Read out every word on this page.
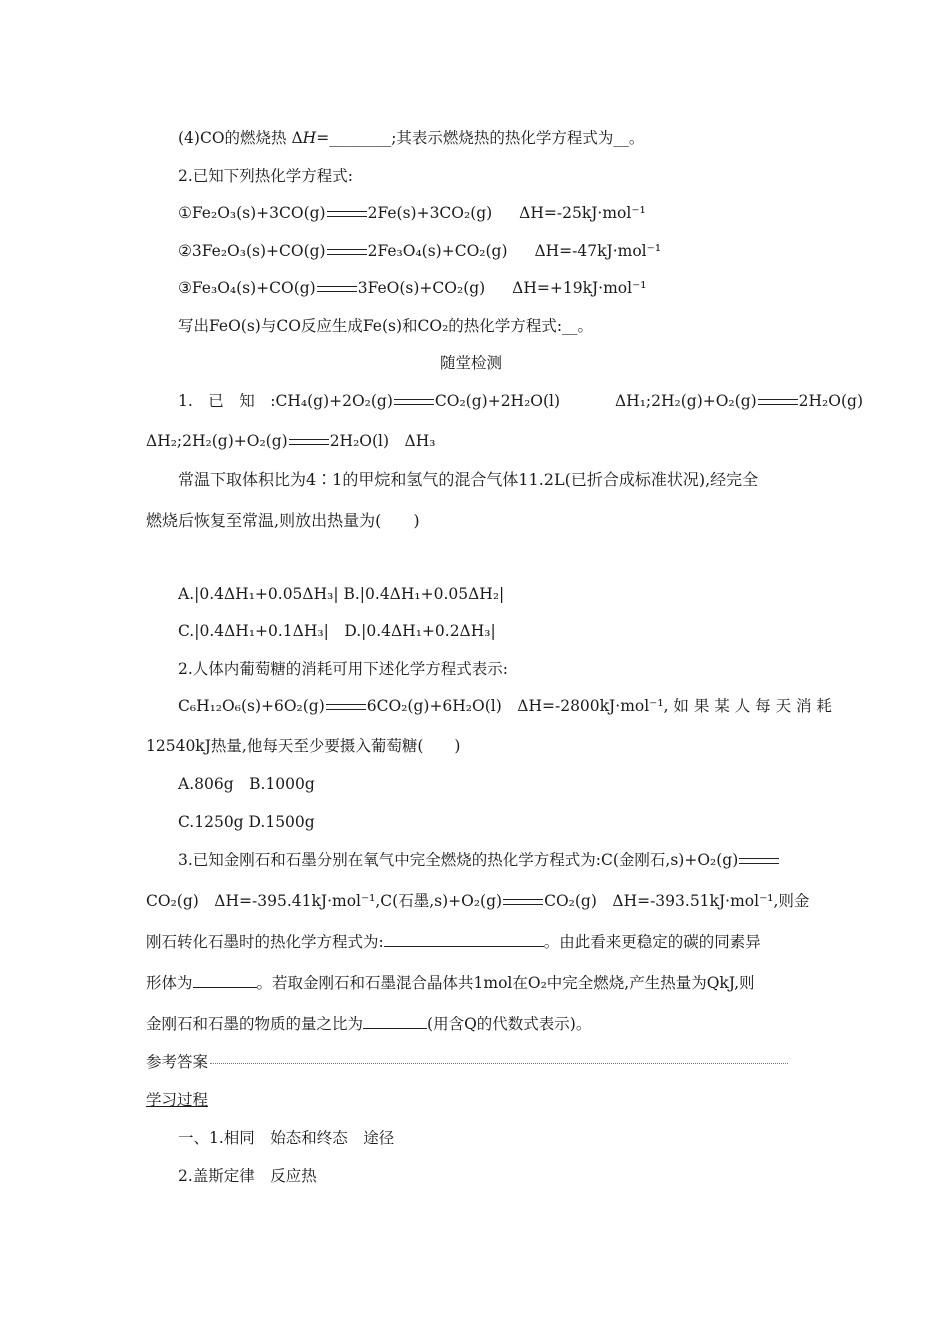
(4)CO的燃烧热 ΔH=________;其表示燃烧热的热化学方程式为__。
2.已知下列热化学方程式:
①Fe₂O₃(s)+3CO(g)	2Fe(s)+3CO₂(g) ΔH=-25kJ·mol⁻¹
②3Fe₂O₃(s)+CO(g)	2Fe₃O₄(s)+CO₂(g) ΔH=-47kJ·mol⁻¹
③Fe₃O₄(s)+CO(g)	3FeO(s)+CO₂(g) ΔH=+19kJ·mol⁻¹
写出FeO(s)与CO反应生成Fe(s)和CO₂的热化学方程式:__。
随堂检测
1.　已　知　:CH₄(g)+2O₂(g)	CO₂(g)+2H₂O(l)	ΔH₁;2H₂(g)+O₂(g)	2H₂O(g)
ΔH₂;2H₂(g)+O₂(g)	2H₂O(l)　ΔH₃
常温下取体积比为4∶1的甲烷和氢气的混合气体11.2L(已折合成标准状况),经完全
燃烧后恢复至常温,则放出热量为(　　)
A.|0.4ΔH₁+0.05ΔH₃| B.|0.4ΔH₁+0.05ΔH₂|
C.|0.4ΔH₁+0.1ΔH₃|　D.|0.4ΔH₁+0.2ΔH₃|
2.人体内葡萄糖的消耗可用下述化学方程式表示:
C₆H₁₂O₆(s)+6O₂(g)	6CO₂(g)+6H₂O(l)　ΔH=-2800kJ·mol⁻¹, 如 果 某 人 每 天 消 耗
12540kJ热量,他每天至少要摄入葡萄糖(　　)
A.806g　B.1000g
C.1250g D.1500g
3.已知金刚石和石墨分别在氧气中完全燃烧的热化学方程式为:C(金刚石,s)+O₂(g)
CO₂(g)　ΔH=-395.41kJ·mol⁻¹,C(石墨,s)+O₂(g)	CO₂(g)　ΔH=-393.51kJ·mol⁻¹,则金
刚石转化石墨时的热化学方程式为:	。由此看来更稳定的碳的同素异
形体为	。若取金刚石和石墨混合晶体共1mol在O₂中完全燃烧,产生热量为QkJ,则
金刚石和石墨的物质的量之比为	(用含Q的代数式表示)。
参考答案
学习过程
一、1.相同　始态和终态　途径
2.盖斯定律　反应热
